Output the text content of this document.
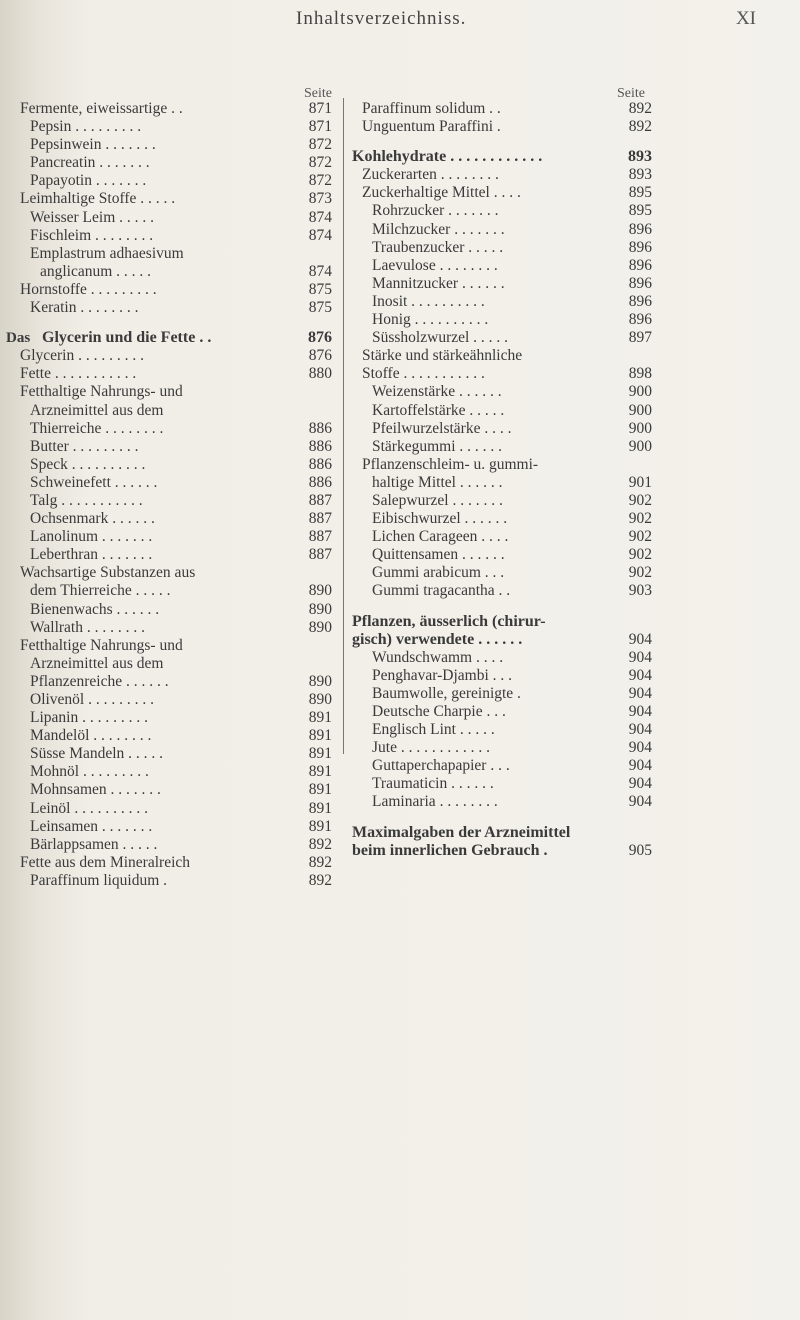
Inhaltsverzeichniss.	XI
Seite	Seite
Fermente, eiweissartige . .	871
Pepsin . . . . . . . . .	871
Pepsinwein . . . . . . .	872
Pancreatin . . . . . . .	872
Papayotin . . . . . . .	872
Leimhaltige Stoffe . . . . .	873
Weisser Leim . . . . .	874
Fischleim . . . . . . . .	874
Emplastrum adhaesivum
anglicanum . . . . .	874
Hornstoffe . . . . . . . . .	875
Keratin . . . . . . . .	875
Das Glycerin und die Fette . .	876
Glycerin . . . . . . . . .	876
Fette . . . . . . . . . . .	880
Fetthaltige Nahrungs- und
Arzneimittel aus dem
Thierreiche . . . . . . . .	886
Butter . . . . . . . . .	886
Speck . . . . . . . . . .	886
Schweinefett . . . . . .	886
Talg . . . . . . . . . . .	887
Ochsenmark . . . . . .	887
Lanolinum . . . . . . .	887
Leberthran . . . . . . .	887
Wachsartige Substanzen aus
dem Thierreiche . . . . .	890
Bienenwachs . . . . . .	890
Wallrath . . . . . . . .	890
Fetthaltige Nahrungs- und
Arzneimittel aus dem
Pflanzenreiche . . . . . .	890
Olivenöl . . . . . . . . .	890
Lipanin . . . . . . . . .	891
Mandelöl . . . . . . . .	891
Süsse Mandeln . . . . .	891
Mohnöl . . . . . . . . .	891
Mohnsamen . . . . . . .	891
Leinöl . . . . . . . . . .	891
Leinsamen . . . . . . .	891
Bärlappsamen . . . . .	892
Fette aus dem Mineralreich	892
Paraffinum liquidum .	892
Paraffinum solidum . .	892
Unguentum Paraffini .	892
Kohlehydrate . . . . . . . . . . . .	893
Zuckerarten . . . . . . . .	893
Zuckerhaltige Mittel . . . .	895
Rohrzucker . . . . . . .	895
Milchzucker . . . . . . .	896
Traubenzucker . . . . .	896
Laevulose . . . . . . . .	896
Mannitzucker . . . . . .	896
Inosit . . . . . . . . . .	896
Honig . . . . . . . . . .	896
Süssholzwurzel . . . . .	897
Stärke und stärkeähnliche
Stoffe . . . . . . . . . . .	898
Weizenstärke . . . . . .	900
Kartoffelstärke . . . . .	900
Pfeilwurzelstärke . . . .	900
Stärkegummi . . . . . .	900
Pflanzenschleim- u. gummi-
haltige Mittel . . . . . .	901
Salepwurzel . . . . . . .	902
Eibischwurzel . . . . . .	902
Lichen Carageen . . . .	902
Quittensamen . . . . . .	902
Gummi arabicum . . .	902
Gummi tragacantha . .	903
Pflanzen, äusserlich (chirur-
gisch) verwendete . . . . . .	904
Wundschwamm . . . .	904
Penghavar-Djambi . . .	904
Baumwolle, gereinigte .	904
Deutsche Charpie . . .	904
Englisch Lint . . . . .	904
Jute . . . . . . . . . . . .	904
Guttaperchapapier . . .	904
Traumaticin . . . . . .	904
Laminaria . . . . . . . .	904
Maximalgaben der Arzneimittel
beim innerlichen Gebrauch .	905
